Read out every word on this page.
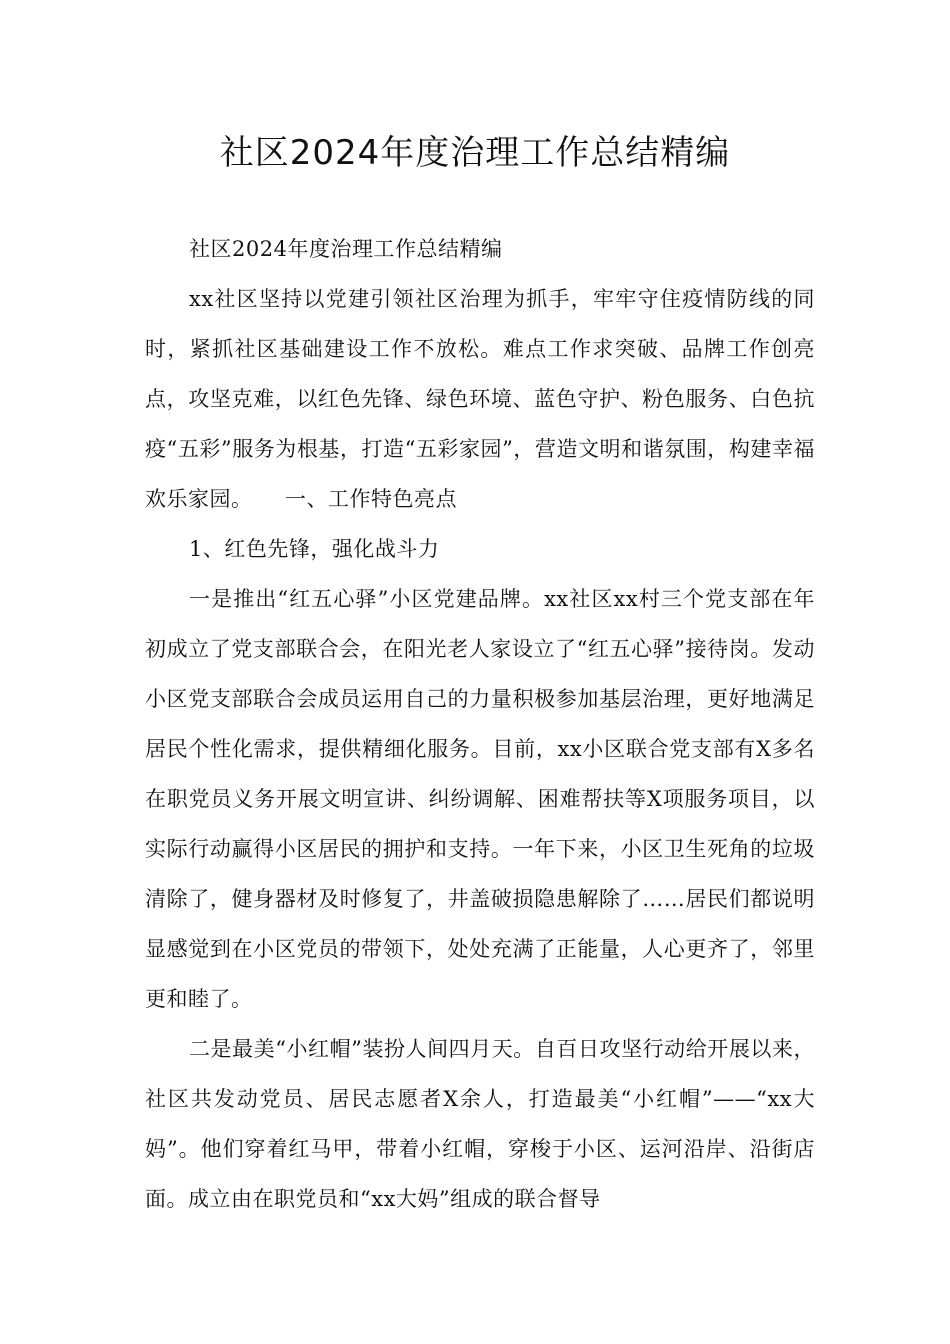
社区2024年度治理工作总结精编

社区2024年度治理工作总结精编

xx社区坚持以党建引领社区治理为抓手，牢牢守住疫情防线的同时，紧抓社区基础建设工作不放松。难点工作求突破、品牌工作创亮点，攻坚克难，以红色先锋、绿色环境、蓝色守护、粉色服务、白色抗疫“五彩”服务为根基，打造“五彩家园”，营造文明和谐氛围，构建幸福欢乐家园。　　一、工作特色亮点

1、红色先锋，强化战斗力

一是推出“红五心驿”小区党建品牌。xx社区xx村三个党支部在年初成立了党支部联合会，在阳光老人家设立了“红五心驿”接待岗。发动小区党支部联合会成员运用自己的力量积极参加基层治理，更好地满足居民个性化需求，提供精细化服务。目前，xx小区联合党支部有X多名在职党员义务开展文明宣讲、纠纷调解、困难帮扶等X项服务项目，以实际行动赢得小区居民的拥护和支持。一年下来，小区卫生死角的垃圾清除了，健身器材及时修复了，井盖破损隐患解除了……居民们都说明显感觉到在小区党员的带领下，处处充满了正能量，人心更齐了，邻里更和睦了。

二是最美“小红帽”装扮人间四月天。自百日攻坚行动给开展以来，社区共发动党员、居民志愿者X余人，打造最美“小红帽”——“xx大妈”。他们穿着红马甲，带着小红帽，穿梭于小区、运河沿岸、沿街店面。成立由在职党员和“xx大妈”组成的联合督导
